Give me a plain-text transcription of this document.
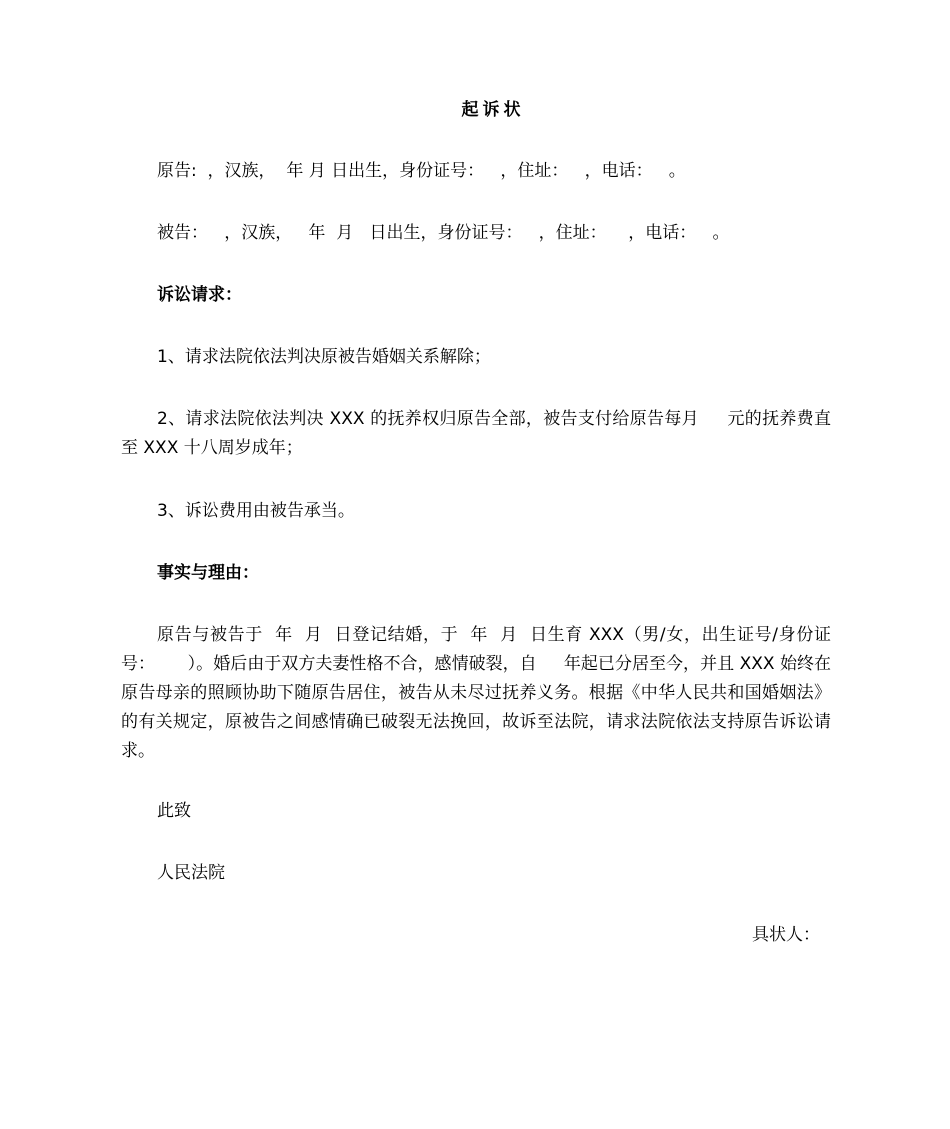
起诉状

原告:  ，汉族，  年 月 日出生，身份证号：   ，住址：   ，电话：   。

被告：   ，汉族，   年  月   日出生，身份证号：   ，住址：    ，电话：   。

诉讼请求：

1、请求法院依法判决原被告婚姻关系解除；

2、请求法院依法判决 XXX 的抚养权归原告全部，被告支付给原告每月     元的抚养费直至 XXX 十八周岁成年；

3、诉讼费用由被告承当。

事实与理由：

原告与被告于  年  月  日登记结婚，于  年  月  日生育 XXX（男/女，出生证号/身份证号：      ）。婚后由于双方夫妻性格不合，感情破裂，自     年起已分居至今，并且 XXX 始终在原告母亲的照顾协助下随原告居住，被告从未尽过抚养义务。根据《中华人民共和国婚姻法》的有关规定，原被告之间感情确已破裂无法挽回，故诉至法院，请求法院依法支持原告诉讼请求。

此致

人民法院

具状人：
